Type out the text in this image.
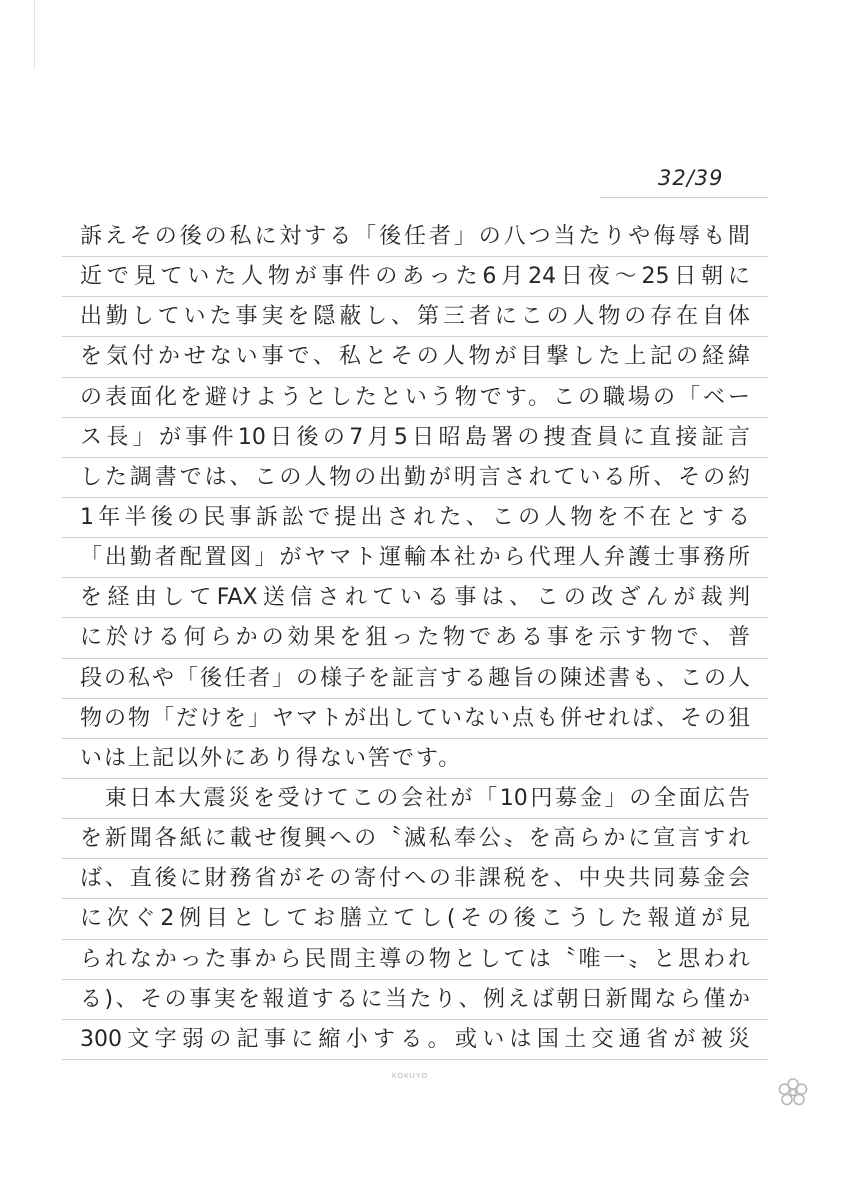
32/39
訴えその後の私に対する「後任者」の八つ当たりや侮辱も間
近で見ていた人物が事件のあった6月24日夜～25日朝に
出勤していた事実を隠蔽し、第三者にこの人物の存在自体
を気付かせない事で、私とその人物が目撃した上記の経緯
の表面化を避けようとしたという物です。この職場の「ベー
ス長」が事件10日後の7月5日昭島署の捜査員に直接証言
した調書では、この人物の出勤が明言されている所、その約
1年半後の民事訴訟で提出された、この人物を不在とする
「出勤者配置図」がヤマト運輸本社から代理人弁護士事務所
を経由してFAX送信されている事は、この改ざんが裁判
に於ける何らかの効果を狙った物である事を示す物で、普
段の私や「後任者」の様子を証言する趣旨の陳述書も、この人
物の物「だけを」ヤマトが出していない点も併せれば、その狙
いは上記以外にあり得ない筈です。
　東日本大震災を受けてこの会社が「10円募金」の全面広告
を新聞各紙に載せ復興への〝滅私奉公〟を高らかに宣言すれ
ば、直後に財務省がその寄付への非課税を、中央共同募金会
に次ぐ2例目としてお膳立てし(その後こうした報道が見
られなかった事から民間主導の物としては〝唯一〟と思われ
る)、その事実を報道するに当たり、例えば朝日新聞なら僅か
300文字弱の記事に縮小する。或いは国土交通省が被災
KOKUYO
